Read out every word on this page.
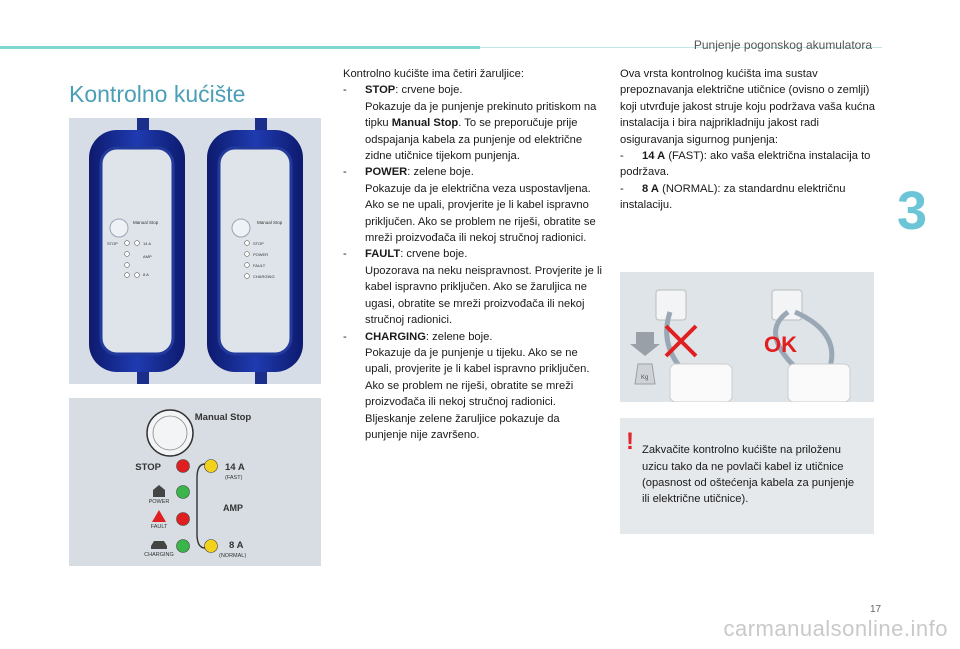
Punjenje pogonskog akumulatora
Kontrolno kućište
Manual Stop
STOP	14 A
AMP
8 A
Manual Stop
STOP
POWER
FAULT
CHARGING
Manual Stop
STOP
POWER
FAULT
CHARGING
14 A
(FAST)
AMP
8 A
(NORMAL)

Kontrolno kućište ima četiri žaruljice:

- STOP: crvene boje.

Pokazuje da je punjenje prekinuto pritiskom na tipku Manual Stop. To se preporučuje prije odspajanja kabela za punjenje od električne zidne utičnice tijekom punjenja.

- POWER: zelene boje.

Pokazuje da je električna veza uspostavljena. Ako se ne upali, provjerite je li kabel ispravno priključen. Ako se problem ne riješi, obratite se mreži proizvođača ili nekoj stručnoj radionici.

- FAULT: crvene boje.

Upozorava na neku neispravnost. Provjerite je li kabel ispravno priključen. Ako se žaruljica ne ugasi, obratite se mreži proizvođača ili nekoj stručnoj radionici.

- CHARGING: zelene boje.

Pokazuje da je punjenje u tijeku. Ako se ne upali, provjerite je li kabel ispravno priključen. Ako se problem ne riješi, obratite se mreži proizvođača ili nekoj stručnoj radionici.

Bljeskanje zelene žaruljice pokazuje da punjenje nije završeno.

Ova vrsta kontrolnog kućišta ima sustav prepoznavanja električne utičnice (ovisno o zemlji) koji utvrđuje jakost struje koju podržava vaša kućna instalacija i bira najprikladniju jakost radi osiguravanja sigurnog punjenja:

- 14 A (FAST): ako vaša električna instalacija to podržava.

- 8 A (NORMAL): za standardnu električnu instalaciju.	3
Kg
OK
! Zakvačite kontrolno kućište na priloženu uzicu tako da ne povlači kabel iz utičnice (opasnost od oštećenja kabela za punjenje ili električne utičnice).

17
carmanualsonline.info
